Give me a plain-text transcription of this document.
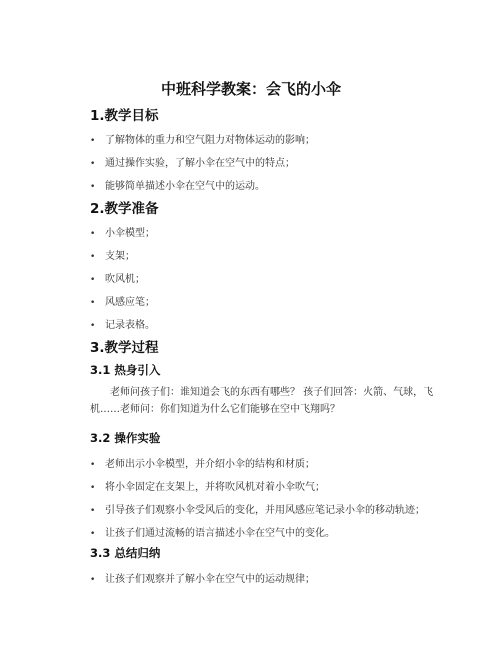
中班科学教案：会飞的小伞
1.教学目标
• 了解物体的重力和空气阻力对物体运动的影响；
• 通过操作实验，了解小伞在空气中的特点；
• 能够简单描述小伞在空气中的运动。
2.教学准备
• 小伞模型；
• 支架；
• 吹风机；
• 风感应笔；
• 记录表格。
3.教学过程
3.1 热身引入
老师问孩子们：谁知道会飞的东西有哪些？ 孩子们回答：火箭、气球，飞
机……老师问：你们知道为什么它们能够在空中飞翔吗？
3.2 操作实验
• 老师出示小伞模型，并介绍小伞的结构和材质；
• 将小伞固定在支架上，并将吹风机对着小伞吹气；
• 引导孩子们观察小伞受风后的变化，并用风感应笔记录小伞的移动轨迹；
• 让孩子们通过流畅的语言描述小伞在空气中的变化。
3.3 总结归纳
• 让孩子们观察并了解小伞在空气中的运动规律；
